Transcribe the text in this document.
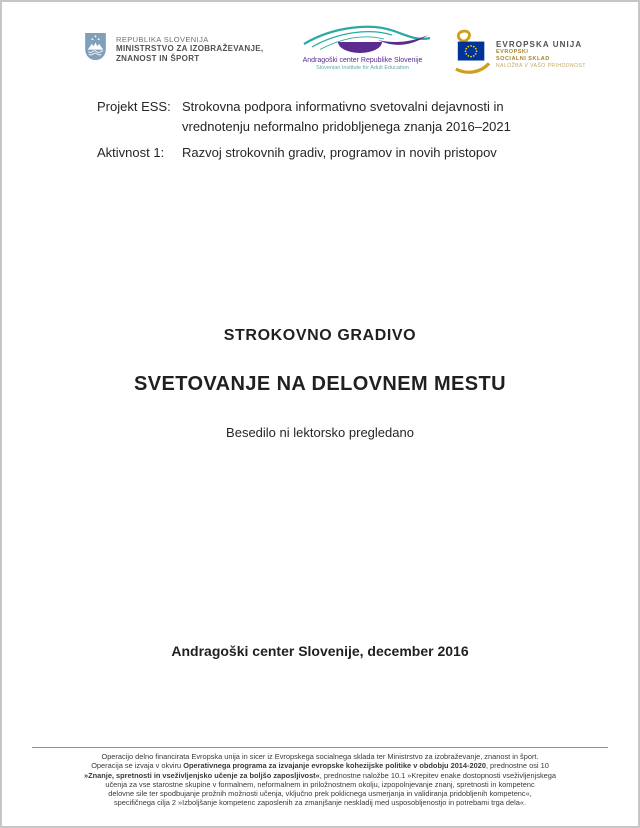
REPUBLIKA SLOVENIJA
MINISTRSTVO ZA IZOBRAŽEVANJE,
ZNANOST IN ŠPORT	Andragoški center Republike Slovenije
Slovenian Institute for Adult Education
EVROPSKA UNIJA
EVROPSKI
SOCIALNI SKLAD
NALOŽBA V VAŠO PRIHODNOST
Projekt ESS: Strokovna podpora informativno svetovalni dejavnosti in vrednotenju neformalno pridobljenega znanja 2016–2021
Aktivnost 1:	Razvoj strokovnih gradiv, programov in novih pristopov
STROKOVNO GRADIVO
SVETOVANJE NA DELOVNEM MESTU
Besedilo ni lektorsko pregledano
Andragoški center Slovenije, december 2016
Operacijo delno financirata Evropska unija in sicer iz Evropskega socialnega sklada ter Ministrstvo za izobraževanje, znanost in šport.
Operacija se izvaja v okviru Operativnega programa za izvajanje evropske kohezijske politike v obdobju 2014-2020, prednostne osi 10
»Znanje, spretnosti in vseživljenjsko učenje za boljšo zaposljivost«, prednostne naložbe 10.1 »Krepitev enake dostopnosti vseživljenjskega
učenja za vse starostne skupine v formalnem, neformalnem in priložnostnem okolju, izpopolnjevanje znanj, spretnosti in kompetenc
delovne sile ter spodbujanje prožnih možnosti učenja, vključno prek poklicnega usmerjanja in validiranja pridobljenih kompetenc«,
specifičnega cilja 2 »Izboljšanje kompetenc zaposlenih za zmanjšanje neskladij med usposobljenostjo in potrebami trga dela«.
